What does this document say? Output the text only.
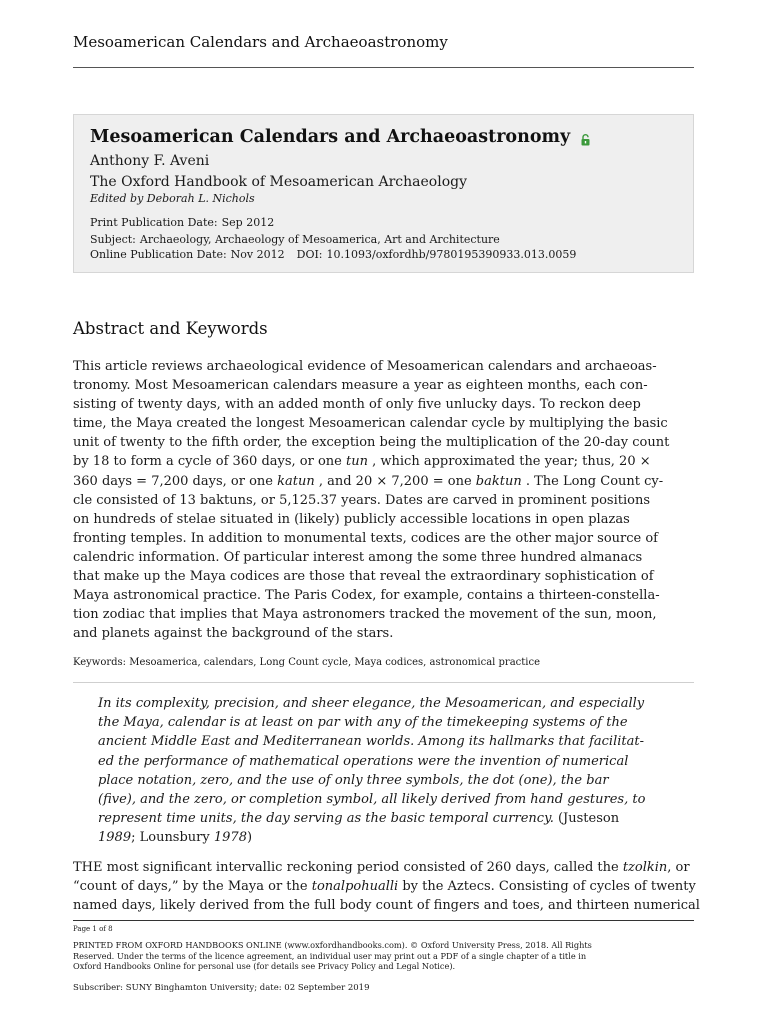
Mesoamerican Calendars and Archaeoastronomy
Mesoamerican Calendars and Archaeoastronomy
Anthony F. Aveni
The Oxford Handbook of Mesoamerican Archaeology
Edited by Deborah L. Nichols
Print Publication Date: Sep 2012
Subject: Archaeology, Archaeology of Mesoamerica, Art and Architecture
Online Publication Date: Nov 2012 DOI: 10.1093/oxfordhb/9780195390933.013.0059
Abstract and Keywords
This article reviews archaeological evidence of Mesoamerican calendars and archaeoas-
tronomy. Most Mesoamerican calendars measure a year as eighteen months, each con-
sisting of twenty days, with an added month of only five unlucky days. To reckon deep
time, the Maya created the longest Mesoamerican calendar cycle by multiplying the basic
unit of twenty to the fifth order, the exception being the multiplication of the 20-day count
by 18 to form a cycle of 360 days, or one tun , which approximated the year; thus, 20 ×
360 days = 7,200 days, or one katun , and 20 × 7,200 = one baktun . The Long Count cy-
cle consisted of 13 baktuns, or 5,125.37 years. Dates are carved in prominent positions
on hundreds of stelae situated in (likely) publicly accessible locations in open plazas
fronting temples. In addition to monumental texts, codices are the other major source of
calendric information. Of particular interest among the some three hundred almanacs
that make up the Maya codices are those that reveal the extraordinary sophistication of
Maya astronomical practice. The Paris Codex, for example, contains a thirteen-constella-
tion zodiac that implies that Maya astronomers tracked the movement of the sun, moon,
and planets against the background of the stars.
Keywords: Mesoamerica, calendars, Long Count cycle, Maya codices, astronomical practice
In its complexity, precision, and sheer elegance, the Mesoamerican, and especially
the Maya, calendar is at least on par with any of the timekeeping systems of the
ancient Middle East and Mediterranean worlds. Among its hallmarks that facilitat-
ed the performance of mathematical operations were the invention of numerical
place notation, zero, and the use of only three symbols, the dot (one), the bar
(five), and the zero, or completion symbol, all likely derived from hand gestures, to
represent time units, the day serving as the basic temporal currency. (Justeson
1989; Lounsbury 1978)
THE most significant intervallic reckoning period consisted of 260 days, called the tzolkin, or
“count of days,” by the Maya or the tonalpohualli by the Aztecs. Consisting of cycles of twenty
named days, likely derived from the full body count of fingers and toes, and thirteen numerical
Page 1 of 8
PRINTED FROM OXFORD HANDBOOKS ONLINE (www.oxfordhandbooks.com). © Oxford University Press, 2018. All Rights
Reserved. Under the terms of the licence agreement, an individual user may print out a PDF of a single chapter of a title in
Oxford Handbooks Online for personal use (for details see Privacy Policy and Legal Notice).
Subscriber: SUNY Binghamton University; date: 02 September 2019
